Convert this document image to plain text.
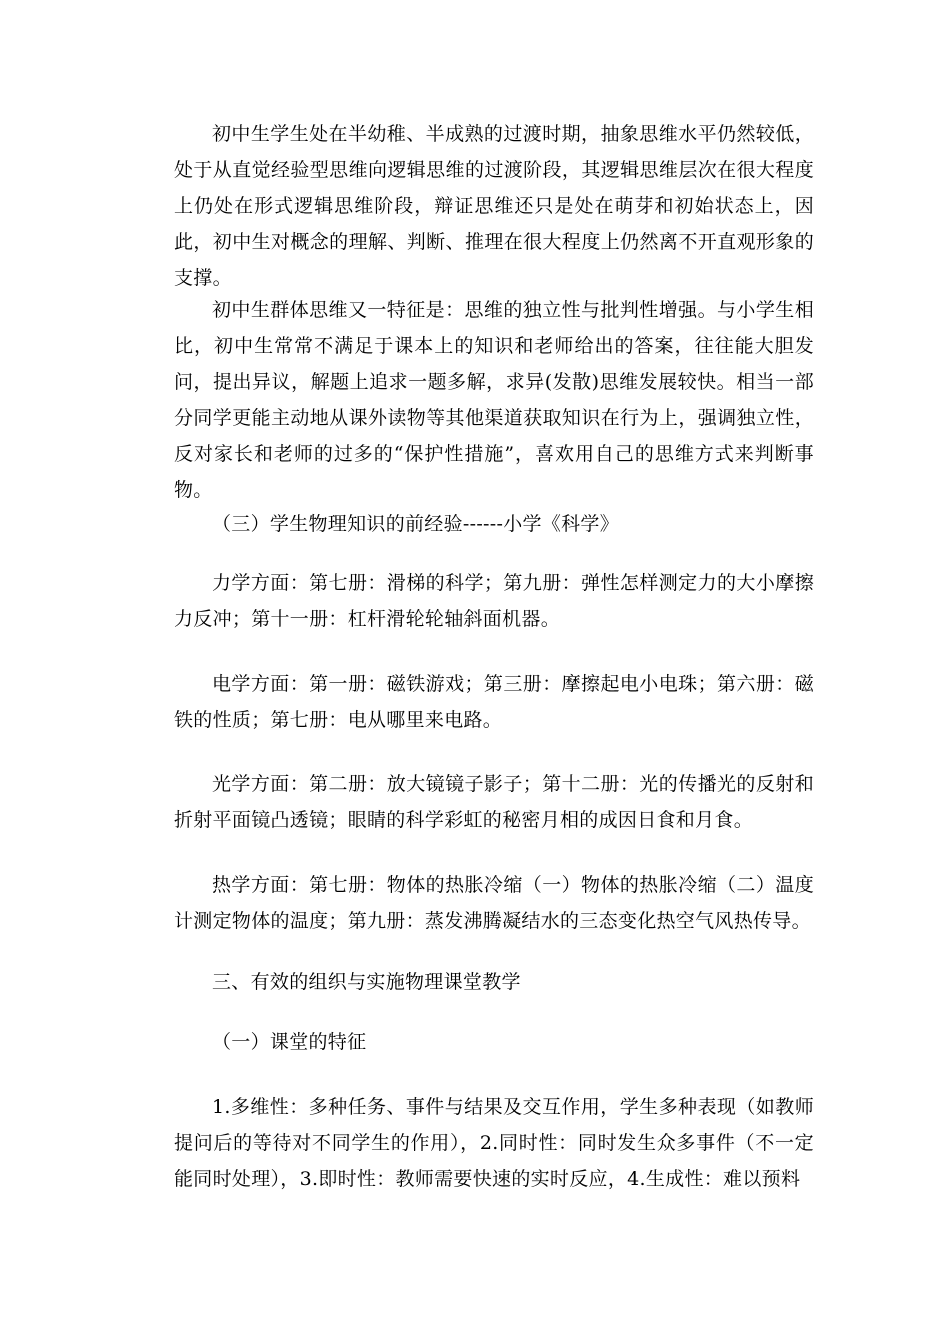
初中生学生处在半幼稚、半成熟的过渡时期，抽象思维水平仍然较低，处于从直觉经验型思维向逻辑思维的过渡阶段，其逻辑思维层次在很大程度上仍处在形式逻辑思维阶段，辩证思维还只是处在萌芽和初始状态上，因此，初中生对概念的理解、判断、推理在很大程度上仍然离不开直观形象的支撑。

初中生群体思维又一特征是：思维的独立性与批判性增强。与小学生相比，初中生常常不满足于课本上的知识和老师给出的答案，往往能大胆发问，提出异议，解题上追求一题多解，求异(发散)思维发展较快。相当一部分同学更能主动地从课外读物等其他渠道获取知识在行为上，强调独立性，反对家长和老师的过多的“保护性措施”，喜欢用自己的思维方式来判断事物。

（三）学生物理知识的前经验------小学《科学》

力学方面：第七册：滑梯的科学；第九册：弹性怎样测定力的大小摩擦力反冲；第十一册：杠杆滑轮轮轴斜面机器。

电学方面：第一册：磁铁游戏；第三册：摩擦起电小电珠；第六册：磁铁的性质；第七册：电从哪里来电路。

光学方面：第二册：放大镜镜子影子；第十二册：光的传播光的反射和折射平面镜凸透镜；眼睛的科学彩虹的秘密月相的成因日食和月食。

热学方面：第七册：物体的热胀冷缩（一）物体的热胀冷缩（二）温度计测定物体的温度；第九册：蒸发沸腾凝结水的三态变化热空气风热传导。

三、有效的组织与实施物理课堂教学

（一）课堂的特征

1.多维性：多种任务、事件与结果及交互作用，学生多种表现（如教师提问后的等待对不同学生的作用），2.同时性：同时发生众多事件（不一定能同时处理），3.即时性：教师需要快速的实时反应，4.生成性：难以预料
